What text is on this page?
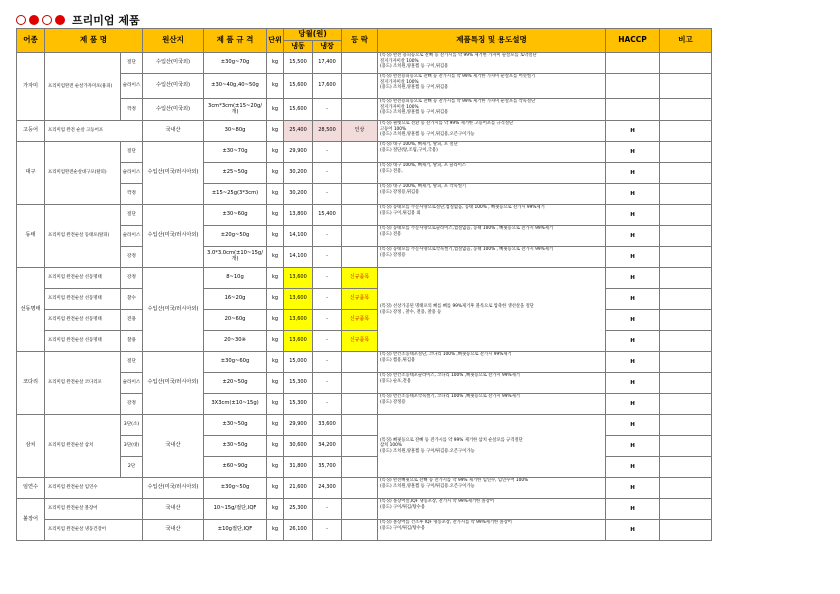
프리미엄 제품
어종	제 품 명		원산지	제 품 규 격	단위	당월(원)		등 락	제품특징 및 용도설명	HACCP	비고
						냉동	냉장				
가자미	프리미엄완전 순살가자미포(용피)	절단	수입산(미국외)	±30g~70g	kg	15,500	17,400		(특징) 완전 용피등으로 잔뼈 등 잔가시를 약 99% 제거한 가자미 순살포를 토막절단
절지가자미살 100%
(용도) 조치원,양훈찜 등 구이,튀김용		

		슬라이스	수입산(미국외)	±30~40g,40~50g	kg	15,600	17,600		(특징) 완전용피등으로 잔뼈 등 잔가시를 약 99% 제거한 가자미 순살포를 어슷썰기
절지가자미살 100%
(용도) 조치원,양훈찜 등 구이,튀김용		

		깍정	수입산(미국외)	3cm*3cm(±15~20g/개)	kg	15,600	-		(특징) 완전용피등으로 잔뼈 등 잔가시를 약 99% 제거한 가자미 순살포를 깍둑절단
절지가자미살 100%
(용도) 조치원,양훈찜 등 구이,튀김용		

고등어	프리미엄 완전 순살 고등어포		국내산	30~80g	kg	25,400	28,500	인상	(특징) 필렛으로 전환 등 잔가시를 약 99% 제거한 고등어포를 규격절단
고등어 100%
(용도) 조치원,양훈찜 등 구이,튀김용,오븐구이가능	H	
대구	프리미엄완전순살대구포(탈피)	절단	수입산(미국/러시아외)	±30~70g	kg	29,900	-		(특징) 대구 100%, 뼈제거, 탈피, 포 절단
(용도) 절단(탕,조림,구이,국용)	H	
		슬라이스		±25~50g	kg	30,200	-		(특징) 대구 100%, 뼈제거, 탈피, 포 슬라이스
(용도) 전용,	H	
		깍정		±15~25g(3*3cm)	kg	30,200	-		(특징) 대구 100%, 뼈제거, 탈피, 포 깍둑썰기
(용도) 강정용,튀김용	H	
동태	프리미엄 완전순살 동태포(탈피)	절단	수입산(미국/러시아외)	±30~60g	kg	13,800	15,400		(특징) 동태포를 주문사양으로절단,껍질없음, 동태 100% , 뼈핏등으로 잔가시 99%제거
(용도) 구이,튀김용 외	H	
		슬라이스		±20g~50g	kg	14,100	-		(특징) 동태포를 주문사양으로슬라이스,껍질없음, 동태 100% , 뼈핏등으로 잔가시 99%제거
(용도) 전용	H	
		강정		3.0*3.0cm(±10~15g/개)	kg	14,100	-		(특징) 동태포를 주문사양으로깍둑썰기,껍질없음, 동태 100% , 뼈핏등으로 잔가시 99%제거
(용도) 강정용	H	
선동명태	프리미엄 완전순살 선동명태	강정	수입산(미국/러시아외)	8~10g	kg	13,600	-	신규품목	(특징) 선상가공된 명태포의 뼈를 뼈를 99%제거후 블록으로 압축한 생선살을 절단
(용도) 강정 , 찰수, 전용, 찰용 등	H	
	프리미엄 완전순살 선동명태	찰수		16~20g	kg	13,600	-	신규품목		H	
	프리미엄 완전순살 선동명태	전용		20~60g	kg	13,600	-	신규품목		H	
	프리미엄 완전순살 선동명태	찰용		20~30※	kg	13,600	-	신규품목		H	
코다리	프리미엄 완전순살 코다리포	절단	수입산(미국/러시아외)	±30g~60g	kg	15,000	-		(특징) 반건조동태포절단, 코다리 100% ,뼈핏등으로 잔가시 99%제거
(용도) 찜용,튀김용	H	
		슬라이스		±20~50g	kg	15,300	-		(특징) 반건조동태포슬라이스, 코다리 100% ,뼈핏등으로 잔가시 99%제거
(용도) 순포,전용	H	
		강정		3X3cm(±10~15g)	kg	15,300	-		(특징) 반건조동태포깍둑썰기, 코다리 100% ,뼈핏등으로 잔가시 99%제거
(용도) 강정용	H	
삼치	프리미엄 완전순살 삼치	3단(소)	국내산	±30~50g	kg	29,900	33,600		(특징) 뼈핏등으로 잔뼈 등 잔가시를 약 99% 제거한 삼치 순살포를 규격절단
삼치 100%
(용도) 조치원,양훈찜 등 구이/튀김용.오븐구이가능	H	
		3단(대)		±30~50g	kg	30,600	34,200			H	
		2단		±60~90g	kg	31,800	35,700			H	
임연수	프리미엄 완전순살 임연수		수입산(미국/러시아외)	±30g~50g	kg	21,600	24,300		(특징) 완전뼈핏으로 잔뼈 등 잔가시를 약 99% 제거한 임연수, 임연수어 100%
(용도) 조치원,양훈찜 등 구이/튀김용.오븐구이가능	H	
볼장어	프리미엄 완전순살 볼장어		국내산	10~15g/절단,IQF	kg	25,300	-		(특징) 볼장어살,IQF 냉동포장, 잔가시 약 99%제거한 볼장어
(용도) 구이/튀김/탕수용	H	
	프리미엄 완전순살 냉동건장어		국내산	±10g절단,IQF	kg	26,100	-		(특징) 볼장어를 건조후 IQF 냉동포장, 잔가시를 약 99%제거한 볼장어
(용도) 구이/튀김/탕수용	H	
